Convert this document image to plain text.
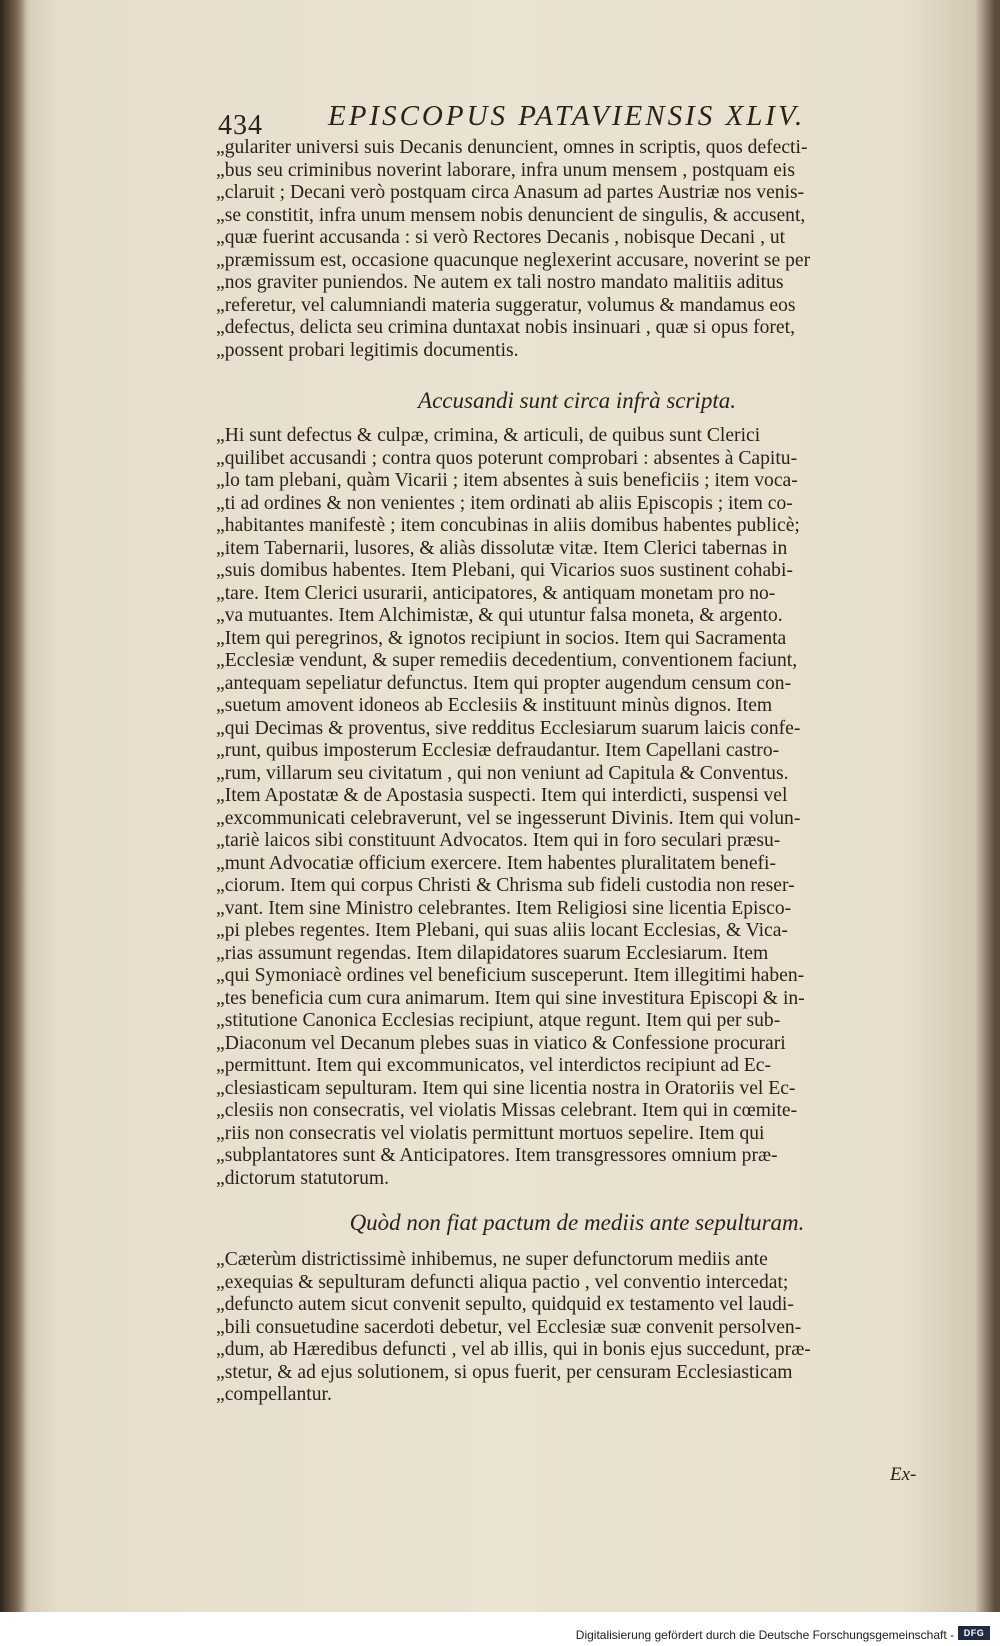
434 EPISCOPUS PATAVIENSIS XLIV.
„gulariter universi suis Decanis denuncient, omnes in scriptis, quos defecti-
„bus seu criminibus noverint laborare, infra unum mensem , postquam eis
„claruit ; Decani verò postquam circa Anasum ad partes Austriæ nos venis-
„se constitit, infra unum mensem nobis denuncient de singulis, & accusent,
„quæ fuerint accusanda : si verò Rectores Decanis , nobisque Decani , ut
„præmissum est, occasione quacunque neglexerint accusare, noverint se per
„nos graviter puniendos. Ne autem ex tali nostro mandato malitiis aditus
„referetur, vel calumniandi materia suggeratur, volumus & mandamus eos
„defectus, delicta seu crimina duntaxat nobis insinuari , quæ si opus foret,
„possent probari legitimis documentis.
Accusandi sunt circa infrà scripta.
„Hi sunt defectus & culpæ, crimina, & articuli, de quibus sunt Clerici
„quilibet accusandi ; contra quos poterunt comprobari : absentes à Capitu-
„lo tam plebani, quàm Vicarii ; item absentes à suis beneficiis ; item voca-
„ti ad ordines & non venientes ; item ordinati ab aliis Episcopis ; item co-
„habitantes manifestè ; item concubinas in aliis domibus habentes publicè;
„item Tabernarii, lusores, & aliàs dissolutæ vitæ. Item Clerici tabernas in
„suis domibus habentes. Item Plebani, qui Vicarios suos sustinent cohabi-
„tare. Item Clerici usurarii, anticipatores, & antiquam monetam pro no-
„va mutuantes. Item Alchimistæ, & qui utuntur falsa moneta, & argento.
„Item qui peregrinos, & ignotos recipiunt in socios. Item qui Sacramenta
„Ecclesiæ vendunt, & super remediis decedentium, conventionem faciunt,
„antequam sepeliatur defunctus. Item qui propter augendum censum con-
„suetum amovent idoneos ab Ecclesiis & instituunt minùs dignos. Item
„qui Decimas & proventus, sive redditus Ecclesiarum suarum laicis confe-
„runt, quibus imposterum Ecclesiæ defraudantur. Item Capellani castro-
„rum, villarum seu civitatum , qui non veniunt ad Capitula & Conventus.
„Item Apostatæ & de Apostasia suspecti. Item qui interdicti, suspensi vel
„excommunicati celebraverunt, vel se ingesserunt Divinis. Item qui volun-
„tariè laicos sibi constituunt Advocatos. Item qui in foro seculari præsu-
„munt Advocatiæ officium exercere. Item habentes pluralitatem benefi-
„ciorum. Item qui corpus Christi & Chrisma sub fideli custodia non reser-
„vant. Item sine Ministro celebrantes. Item Religiosi sine licentia Episco-
„pi plebes regentes. Item Plebani, qui suas aliis locant Ecclesias, & Vica-
„rias assumunt regendas. Item dilapidatores suarum Ecclesiarum. Item
„qui Symoniacè ordines vel beneficium susceperunt. Item illegitimi haben-
„tes beneficia cum cura animarum. Item qui sine investitura Episcopi & in-
„stitutione Canonica Ecclesias recipiunt, atque regunt. Item qui per sub-
„Diaconum vel Decanum plebes suas in viatico & Confessione procurari
„permittunt. Item qui excommunicatos, vel interdictos recipiunt ad Ec-
„clesiasticam sepulturam. Item qui sine licentia nostra in Oratoriis vel Ec-
„clesiis non consecratis, vel violatis Missas celebrant. Item qui in cœmite-
„riis non consecratis vel violatis permittunt mortuos sepelire. Item qui
„subplantatores sunt & Anticipatores. Item transgressores omnium præ-
„dictorum statutorum.
Quòd non fiat pactum de mediis ante sepulturam.
„Cæterùm districtissimè inhibemus, ne super defunctorum mediis ante
„exequias & sepulturam defuncti aliqua pactio , vel conventio intercedat;
„defuncto autem sicut convenit sepulto, quidquid ex testamento vel laudi-
„bili consuetudine sacerdoti debetur, vel Ecclesiæ suæ convenit persolven-
„dum, ab Hæredibus defuncti , vel ab illis, qui in bonis ejus succedunt, præ-
„stetur, & ad ejus solutionem, si opus fuerit, per censuram Ecclesiasticam
„compellantur.
Ex-
Digitalisierung gefördert durch die Deutsche Forschungsgemeinschaft -	DFG
